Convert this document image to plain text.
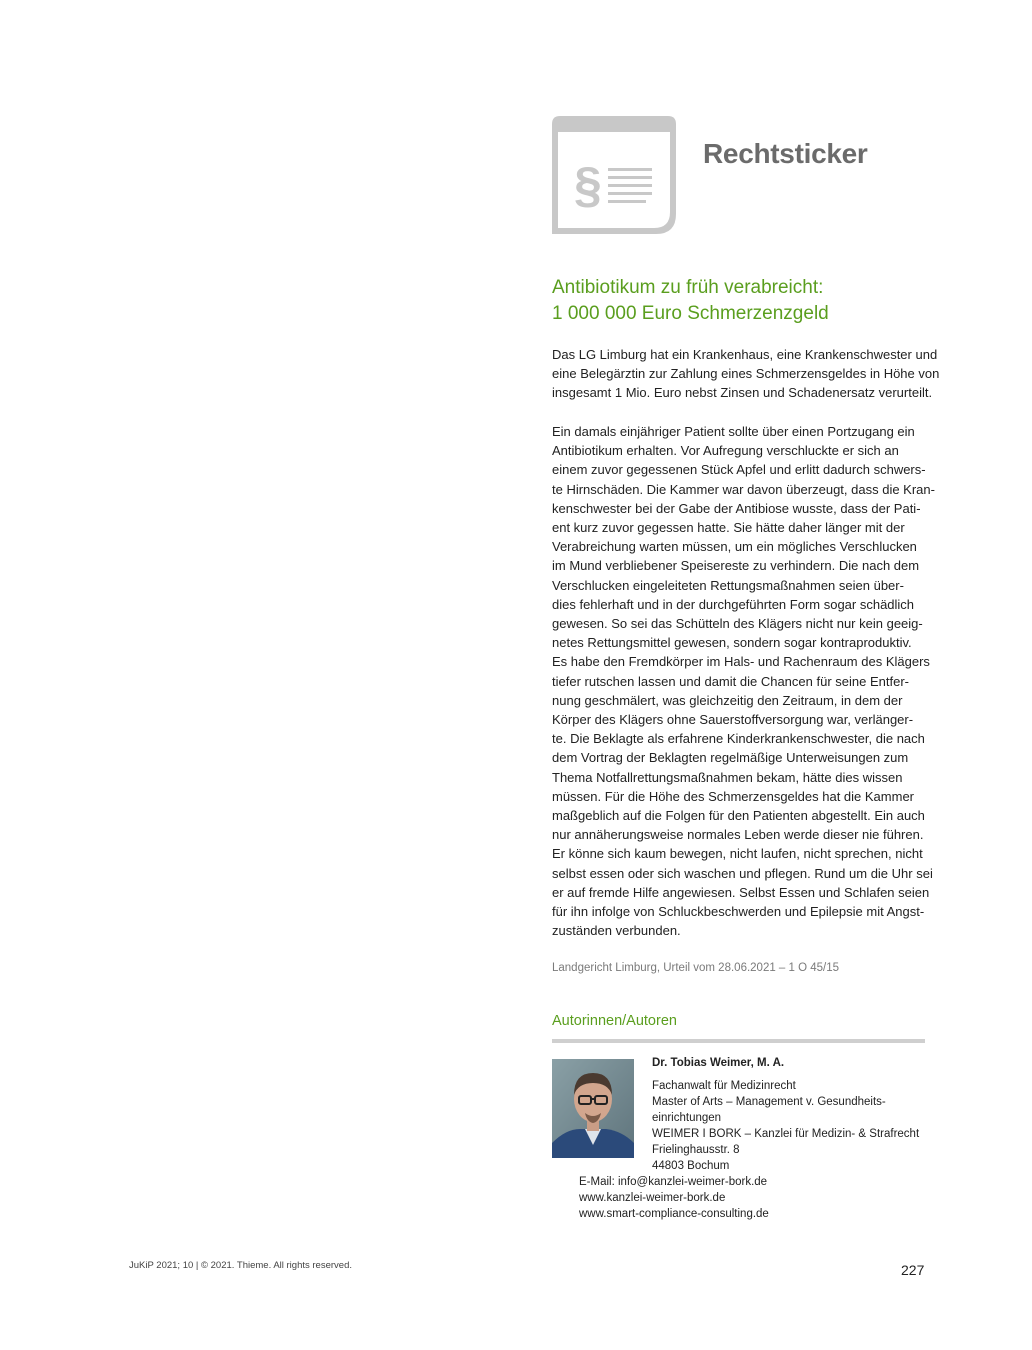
§
Rechtsticker
Antibiotikum zu früh verabreicht:
1 000 000 Euro Schmerzenzgeld
Das LG Limburg hat ein Krankenhaus, eine Krankenschwester und
eine Belegärztin zur Zahlung eines Schmerzensgeldes in Höhe von
insgesamt 1 Mio. Euro nebst Zinsen und Schadenersatz verurteilt.
Ein damals einjähriger Patient sollte über einen Portzugang ein
Antibiotikum erhalten. Vor Aufregung verschluckte er sich an
einem zuvor gegessenen Stück Apfel und erlitt dadurch schwers-
te Hirnschäden. Die Kammer war davon überzeugt, dass die Kran-
kenschwester bei der Gabe der Antibiose wusste, dass der Pati-
ent kurz zuvor gegessen hatte. Sie hätte daher länger mit der
Verabreichung warten müssen, um ein mögliches Verschlucken
im Mund verbliebener Speisereste zu verhindern. Die nach dem
Verschlucken eingeleiteten Rettungsmaßnahmen seien über-
dies fehlerhaft und in der durchgeführten Form sogar schädlich
gewesen. So sei das Schütteln des Klägers nicht nur kein geeig-
netes Rettungsmittel gewesen, sondern sogar kontraproduktiv.
Es habe den Fremdkörper im Hals- und Rachenraum des Klägers
tiefer rutschen lassen und damit die Chancen für seine Entfer-
nung geschmälert, was gleichzeitig den Zeitraum, in dem der
Körper des Klägers ohne Sauerstoffversorgung war, verlänger-
te. Die Beklagte als erfahrene Kinderkrankenschwester, die nach
dem Vortrag der Beklagten regelmäßige Unterweisungen zum
Thema Notfallrettungsmaßnahmen bekam, hätte dies wissen
müssen. Für die Höhe des Schmerzensgeldes hat die Kammer
maßgeblich auf die Folgen für den Patienten abgestellt. Ein auch
nur annäherungsweise normales Leben werde dieser nie führen.
Er könne sich kaum bewegen, nicht laufen, nicht sprechen, nicht
selbst essen oder sich waschen und pflegen. Rund um die Uhr sei
er auf fremde Hilfe angewiesen. Selbst Essen und Schlafen seien
für ihn infolge von Schluckbeschwerden und Epilepsie mit Angst-
zuständen verbunden.
Landgericht Limburg, Urteil vom 28.06.2021 – 1 O 45/15
Autorinnen/Autoren
Dr. Tobias Weimer, M. A.
Fachanwalt für Medizinrecht
Master of Arts – Management v. Gesundheits-
einrichtungen
WEIMER I BORK – Kanzlei für Medizin- & Strafrecht
Frielinghausstr. 8
44803 Bochum
E-Mail: info@kanzlei-weimer-bork.de
www.kanzlei-weimer-bork.de
www.smart-compliance-consulting.de
JuKiP 2021; 10 | © 2021. Thieme. All rights reserved.	227
